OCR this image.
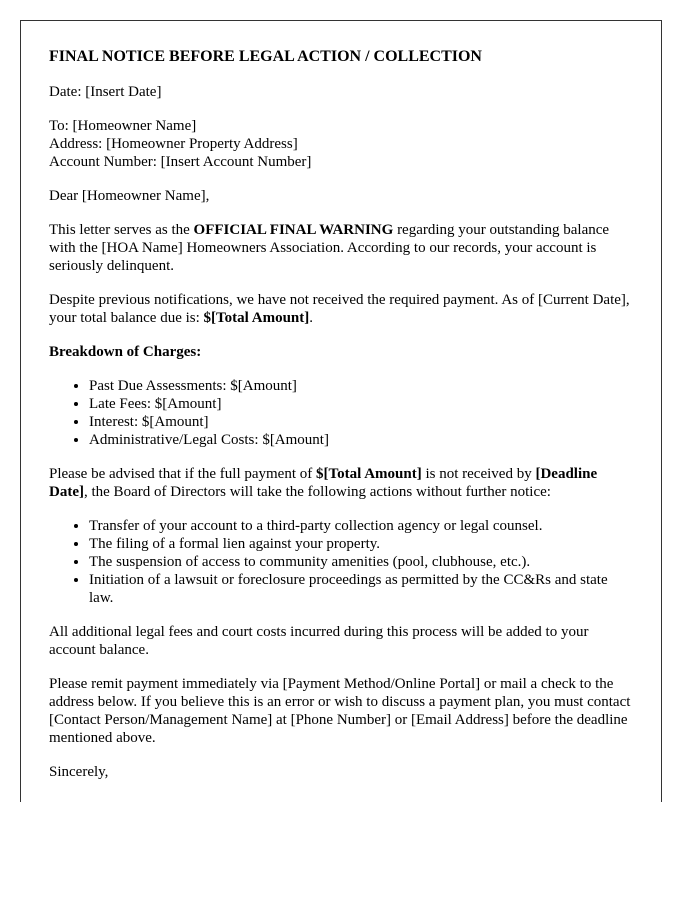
FINAL NOTICE BEFORE LEGAL ACTION / COLLECTION

Date: [Insert Date]

To: [Homeowner Name]

Address: [Homeowner Property Address]

Account Number: [Insert Account Number]

Dear [Homeowner Name],

This letter serves as the OFFICIAL FINAL WARNING regarding your outstanding balance with the [HOA Name] Homeowners Association. According to our records, your account is seriously delinquent.

Despite previous notifications, we have not received the required payment. As of [Current Date], your total balance due is: $[Total Amount].

Breakdown of Charges:

• Past Due Assessments: $[Amount]
• Late Fees: $[Amount]
• Interest: $[Amount]
• Administrative/Legal Costs: $[Amount]

Please be advised that if the full payment of $[Total Amount] is not received by [Deadline Date], the Board of Directors will take the following actions without further notice:

• Transfer of your account to a third-party collection agency or legal counsel.
• The filing of a formal lien against your property.
• The suspension of access to community amenities (pool, clubhouse, etc.).
• Initiation of a lawsuit or foreclosure proceedings as permitted by the CC&Rs and state law.

All additional legal fees and court costs incurred during this process will be added to your account balance.

Please remit payment immediately via [Payment Method/Online Portal] or mail a check to the address below. If you believe this is an error or wish to discuss a payment plan, you must contact [Contact Person/Management Name] at [Phone Number] or [Email Address] before the deadline mentioned above.

Sincerely,
